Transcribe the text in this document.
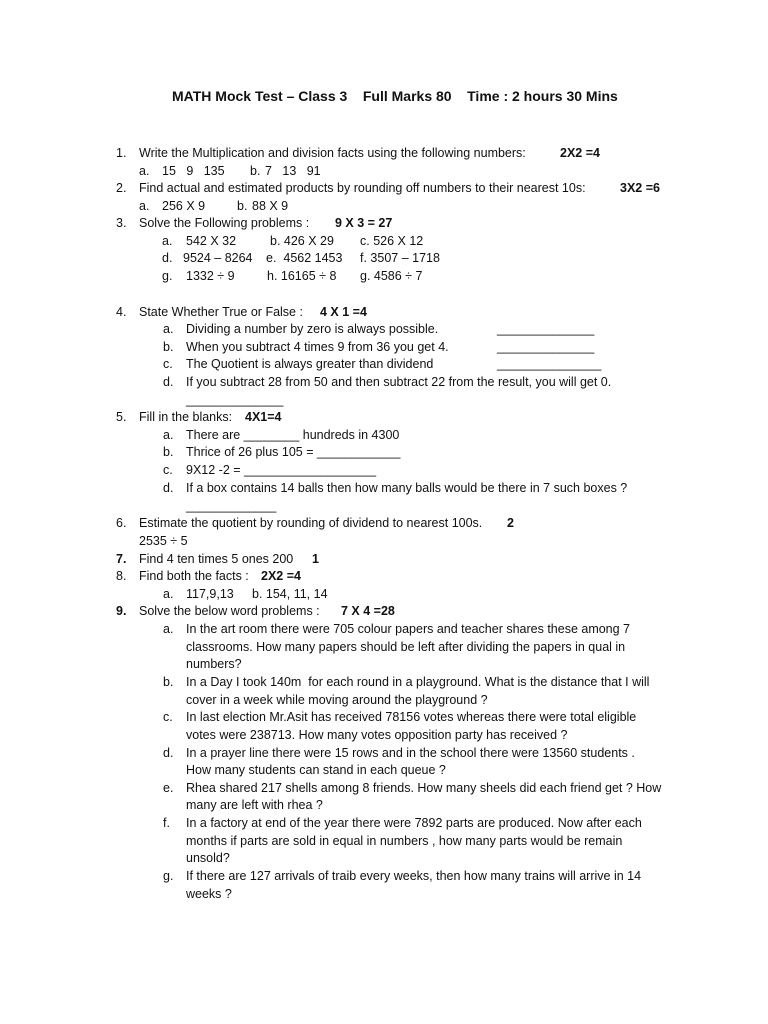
MATH Mock Test – Class 3    Full Marks 80    Time : 2 hours 30 Mins
1. Write the Multiplication and division facts using the following numbers:	2X2 =4
a. 15   9   135 b. 7   13   91
2. Find actual and estimated products by rounding off numbers to their nearest 10s:	3X2 =6
a. 256 X 9	b. 88 X 9
3. Solve the Following problems : 9 X 3 = 27
a. 542 X 32	b. 426 X 29 c. 526 X 12
d. 9524 – 8264 e.  4562 1453 f. 3507 – 1718
g. 1332 ÷ 9	h. 16165 ÷ 8 g. 4586 ÷ 7
4. State Whether True or False : 4 X 1 =4
a. Dividing a number by zero is always possible.	______________
b. When you subtract 4 times 9 from 36 you get 4.	______________
c. The Quotient is always greater than dividend	_______________
d. If you subtract 28 from 50 and then subtract 22 from the result, you will get 0.
______________
5. Fill in the blanks: 4X1=4
a. There are ________ hundreds in 4300
b. Thrice of 26 plus 105 = ____________
c. 9X12 -2 = ___________________
d. If a box contains 14 balls then how many balls would be there in 7 such boxes ?
_____________
6. Estimate the quotient by rounding of dividend to nearest 100s. 2
2535 ÷ 5
7. Find 4 ten times 5 ones 200 1
8. Find both the facts : 2X2 =4
a. 117,9,13 b. 154, 11, 14
9. Solve the below word problems : 7 X 4 =28
a. In the art room there were 705 colour papers and teacher shares these among 7
classrooms. How many papers should be left after dividing the papers in qual in
numbers?
b. In a Day I took 140m  for each round in a playground. What is the distance that I will
cover in a week while moving around the playground ?
c. In last election Mr.Asit has received 78156 votes whereas there were total eligible
votes were 238713. How many votes opposition party has received ?
d. In a prayer line there were 15 rows and in the school there were 13560 students .
How many students can stand in each queue ?
e. Rhea shared 217 shells among 8 friends. How many sheels did each friend get ? How
many are left with rhea ?
f. In a factory at end of the year there were 7892 parts are produced. Now after each
months if parts are sold in equal in numbers , how many parts would be remain
unsold?
g. If there are 127 arrivals of traib every weeks, then how many trains will arrive in 14
weeks ?
